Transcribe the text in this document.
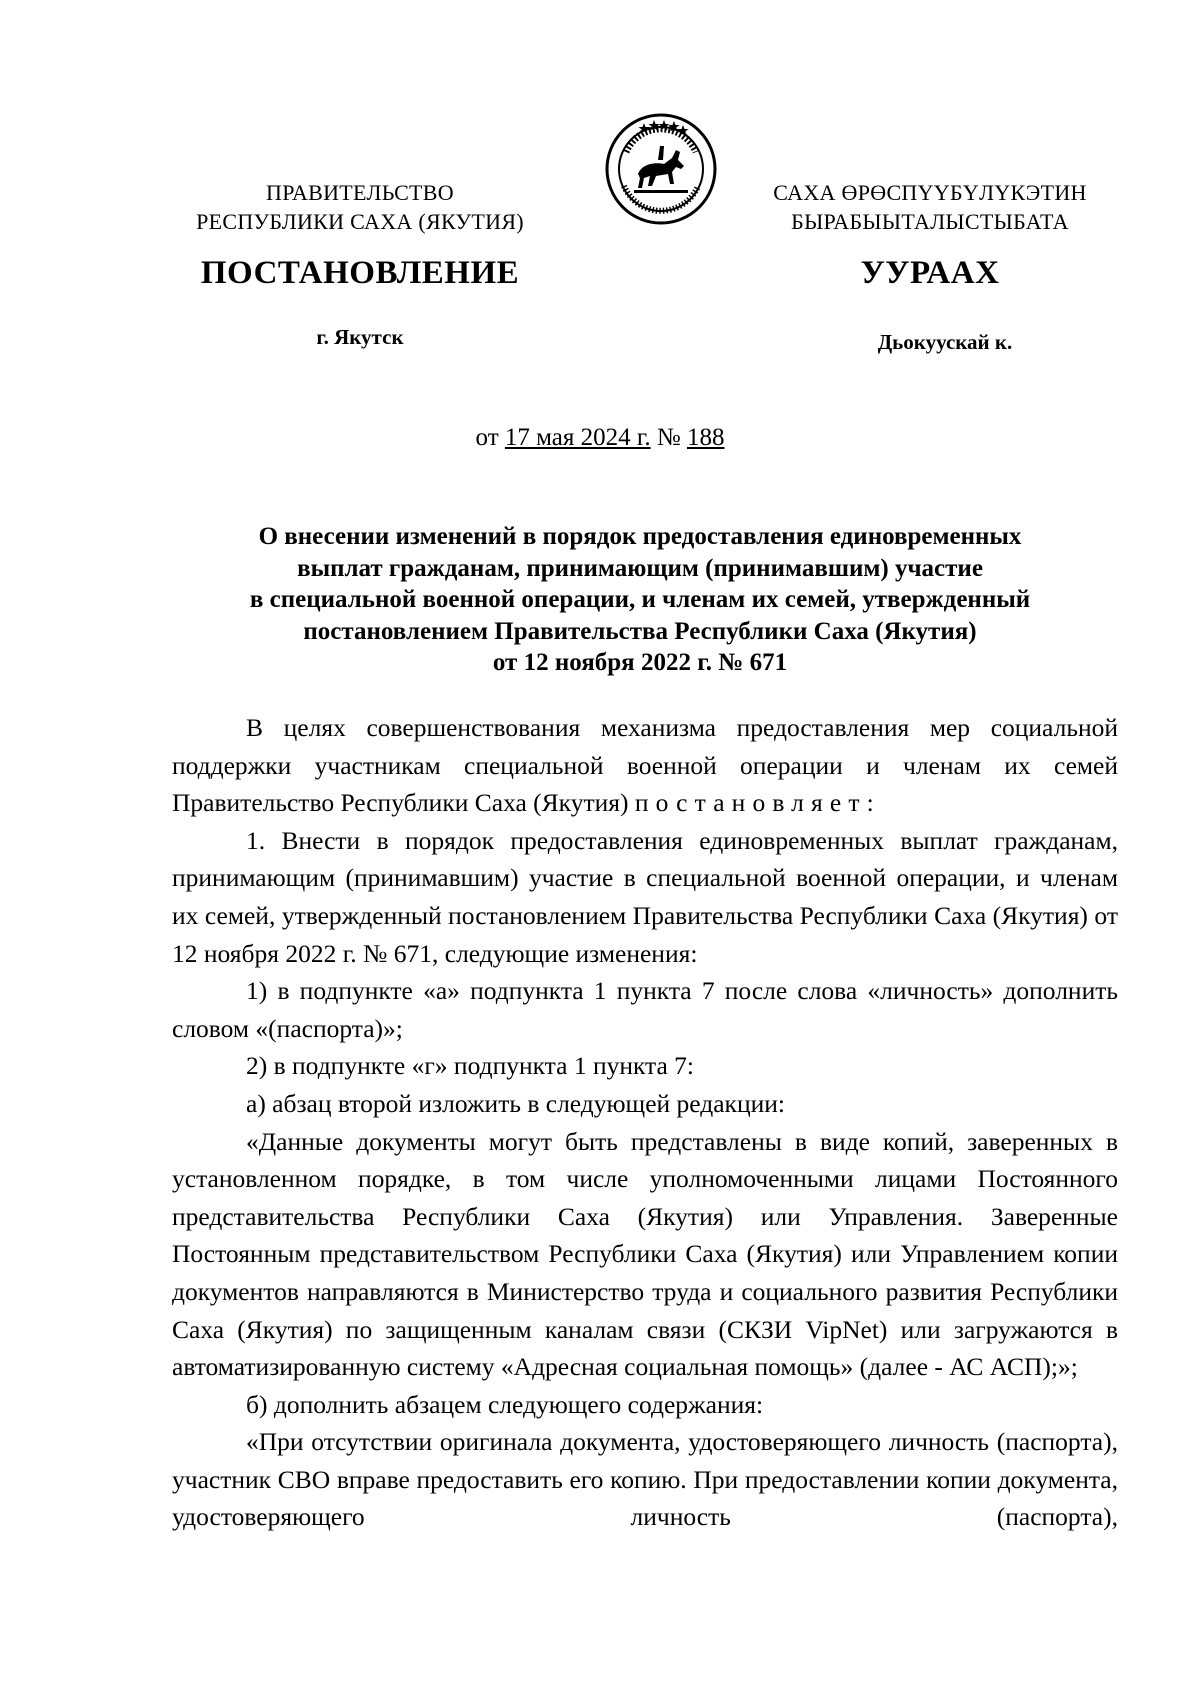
ПРАВИТЕЛЬСТВО
РЕСПУБЛИКИ САХА (ЯКУТИЯ)
САХА ӨРӨСПҮҮБҮЛҮКЭТИН
БЫРАБЫЫТАЛЫСТЫБАТА
ПОСТАНОВЛЕНИЕ	УУРААХ
г. Якутск	Дьокуускай к.
от 17 мая 2024 г. № 188
О внесении изменений в порядок предоставления единовременных
выплат гражданам, принимающим (принимавшим) участие
в специальной военной операции, и членам их семей, утвержденный
постановлением Правительства Республики Саха (Якутия)
от 12 ноября 2022 г. № 671
В целях совершенствования механизма предоставления мер социальной поддержки участникам специальной военной операции и членам их семей Правительство Республики Саха (Якутия) постановляет:
1. Внести в порядок предоставления единовременных выплат гражданам, принимающим (принимавшим) участие в специальной военной операции, и членам их семей, утвержденный постановлением Правительства Республики Саха (Якутия) от 12 ноября 2022 г. № 671, следующие изменения:
1) в подпункте «а» подпункта 1 пункта 7 после слова «личность» дополнить словом «(паспорта)»;
2) в подпункте «г» подпункта 1 пункта 7:
а) абзац второй изложить в следующей редакции:
«Данные документы могут быть представлены в виде копий, заверенных в установленном порядке, в том числе уполномоченными лицами Постоянного представительства Республики Саха (Якутия) или Управления. Заверенные Постоянным представительством Республики Саха (Якутия) или Управлением копии документов направляются в Министерство труда и социального развития Республики Саха (Якутия) по защищенным каналам связи (СКЗИ VipNet) или загружаются в автоматизированную систему «Адресная социальная помощь» (далее - АС АСП);»;
б) дополнить абзацем следующего содержания:
«При отсутствии оригинала документа, удостоверяющего личность (паспорта), участник СВО вправе предоставить его копию. При предоставлении копии документа, удостоверяющего личность (паспорта),
